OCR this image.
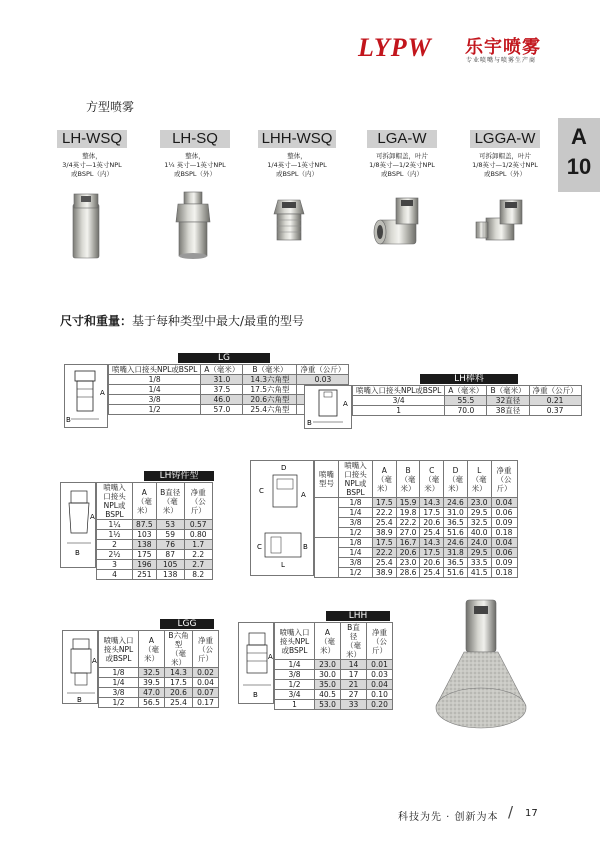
LYPW 乐宇喷雾
专业喷嘴与喷雾生产商
方型喷雾
A
10
LH-WSQ
整体，
3/4英寸—1英寸NPL
或BSPL（内）
LH-SQ
整体，
1¼ 英寸—1英寸NPL
或BSPL（外）
LHH-WSQ
整体，
1/4英寸—1英寸NPL
或BSPL（内）
LGA-W
可拆卸帽盖，叶片
1/8英寸—1/2英寸NPL
或BSPL（内）
LGGA-W
可拆卸帽盖，叶片
1/8英寸—1/2英寸NPL
或BSPL（外）
尺寸和重量：基于每种类型中最大/最重的型号
LG
B
A
喷嘴入口接头NPL或BSPL	A（毫米）	B（毫米）	净重（公斤）
1/8	31.0	14.3六角型	0.03
1/4	37.5	17.5六角型	
3/8	46.0	20.6六角型	
1/2	57.0	25.4六角型	
LH棒料
B
A
喷嘴入口接头NPL或BSPL	A（毫米）	B（毫米）	净重（公斤）
3/4	55.5	32直径	0.21
1	70.0	38直径	0.37
LH铸件型
B
A
喷嘴入口接头NPL或BSPL	A（毫米）	B直径（毫米）	净重（公斤）
1¼	87.5	53	0.57
1½	103	59	0.80
2	138	76	1.7
2½	175	87	2.2
3	196	105	2.7
4	251	138	8.2
C
D
A
C
L
B
喷嘴型号	喷嘴入口接头NPL或BSPL	A（毫米）	B（毫米）	C（毫米）	D（毫米）	L（毫米）	净重（公斤）
	1/8	17.5	15.9	14.3	24.6	23.0	0.04
	1/4	22.2	19.8	17.5	31.0	29.5	0.06
	3/8	25.4	22.2	20.6	36.5	32.5	0.09
	1/2	38.9	27.0	25.4	51.6	40.0	0.18
	1/8	17.5	16.7	14.3	24.6	24.0	0.04
	1/4	22.2	20.6	17.5	31.8	29.5	0.06
	3/8	25.4	23.0	20.6	36.5	33.5	0.09
	1/2	38.9	28.6	25.4	51.6	41.5	0.18
LGG
B
A
喷嘴入口接头NPL或BSPL	A（毫米）	B六角型（毫米）	净重（公斤）
1/8	32.5	14.3	0.02
1/4	39.5	17.5	0.04
3/8	47.0	20.6	0.07
1/2	56.5	25.4	0.17
LHH
B
A
喷嘴入口接头NPL或BSPL	A（毫米）	B直径（毫米）	净重（公斤）
1/4	23.0	14	0.01
3/8	30.0	17	0.03
1/2	35.0	21	0.04
3/4	40.5	27	0.10
1	53.0	33	0.20
科技为先 · 创新为本 / 17
